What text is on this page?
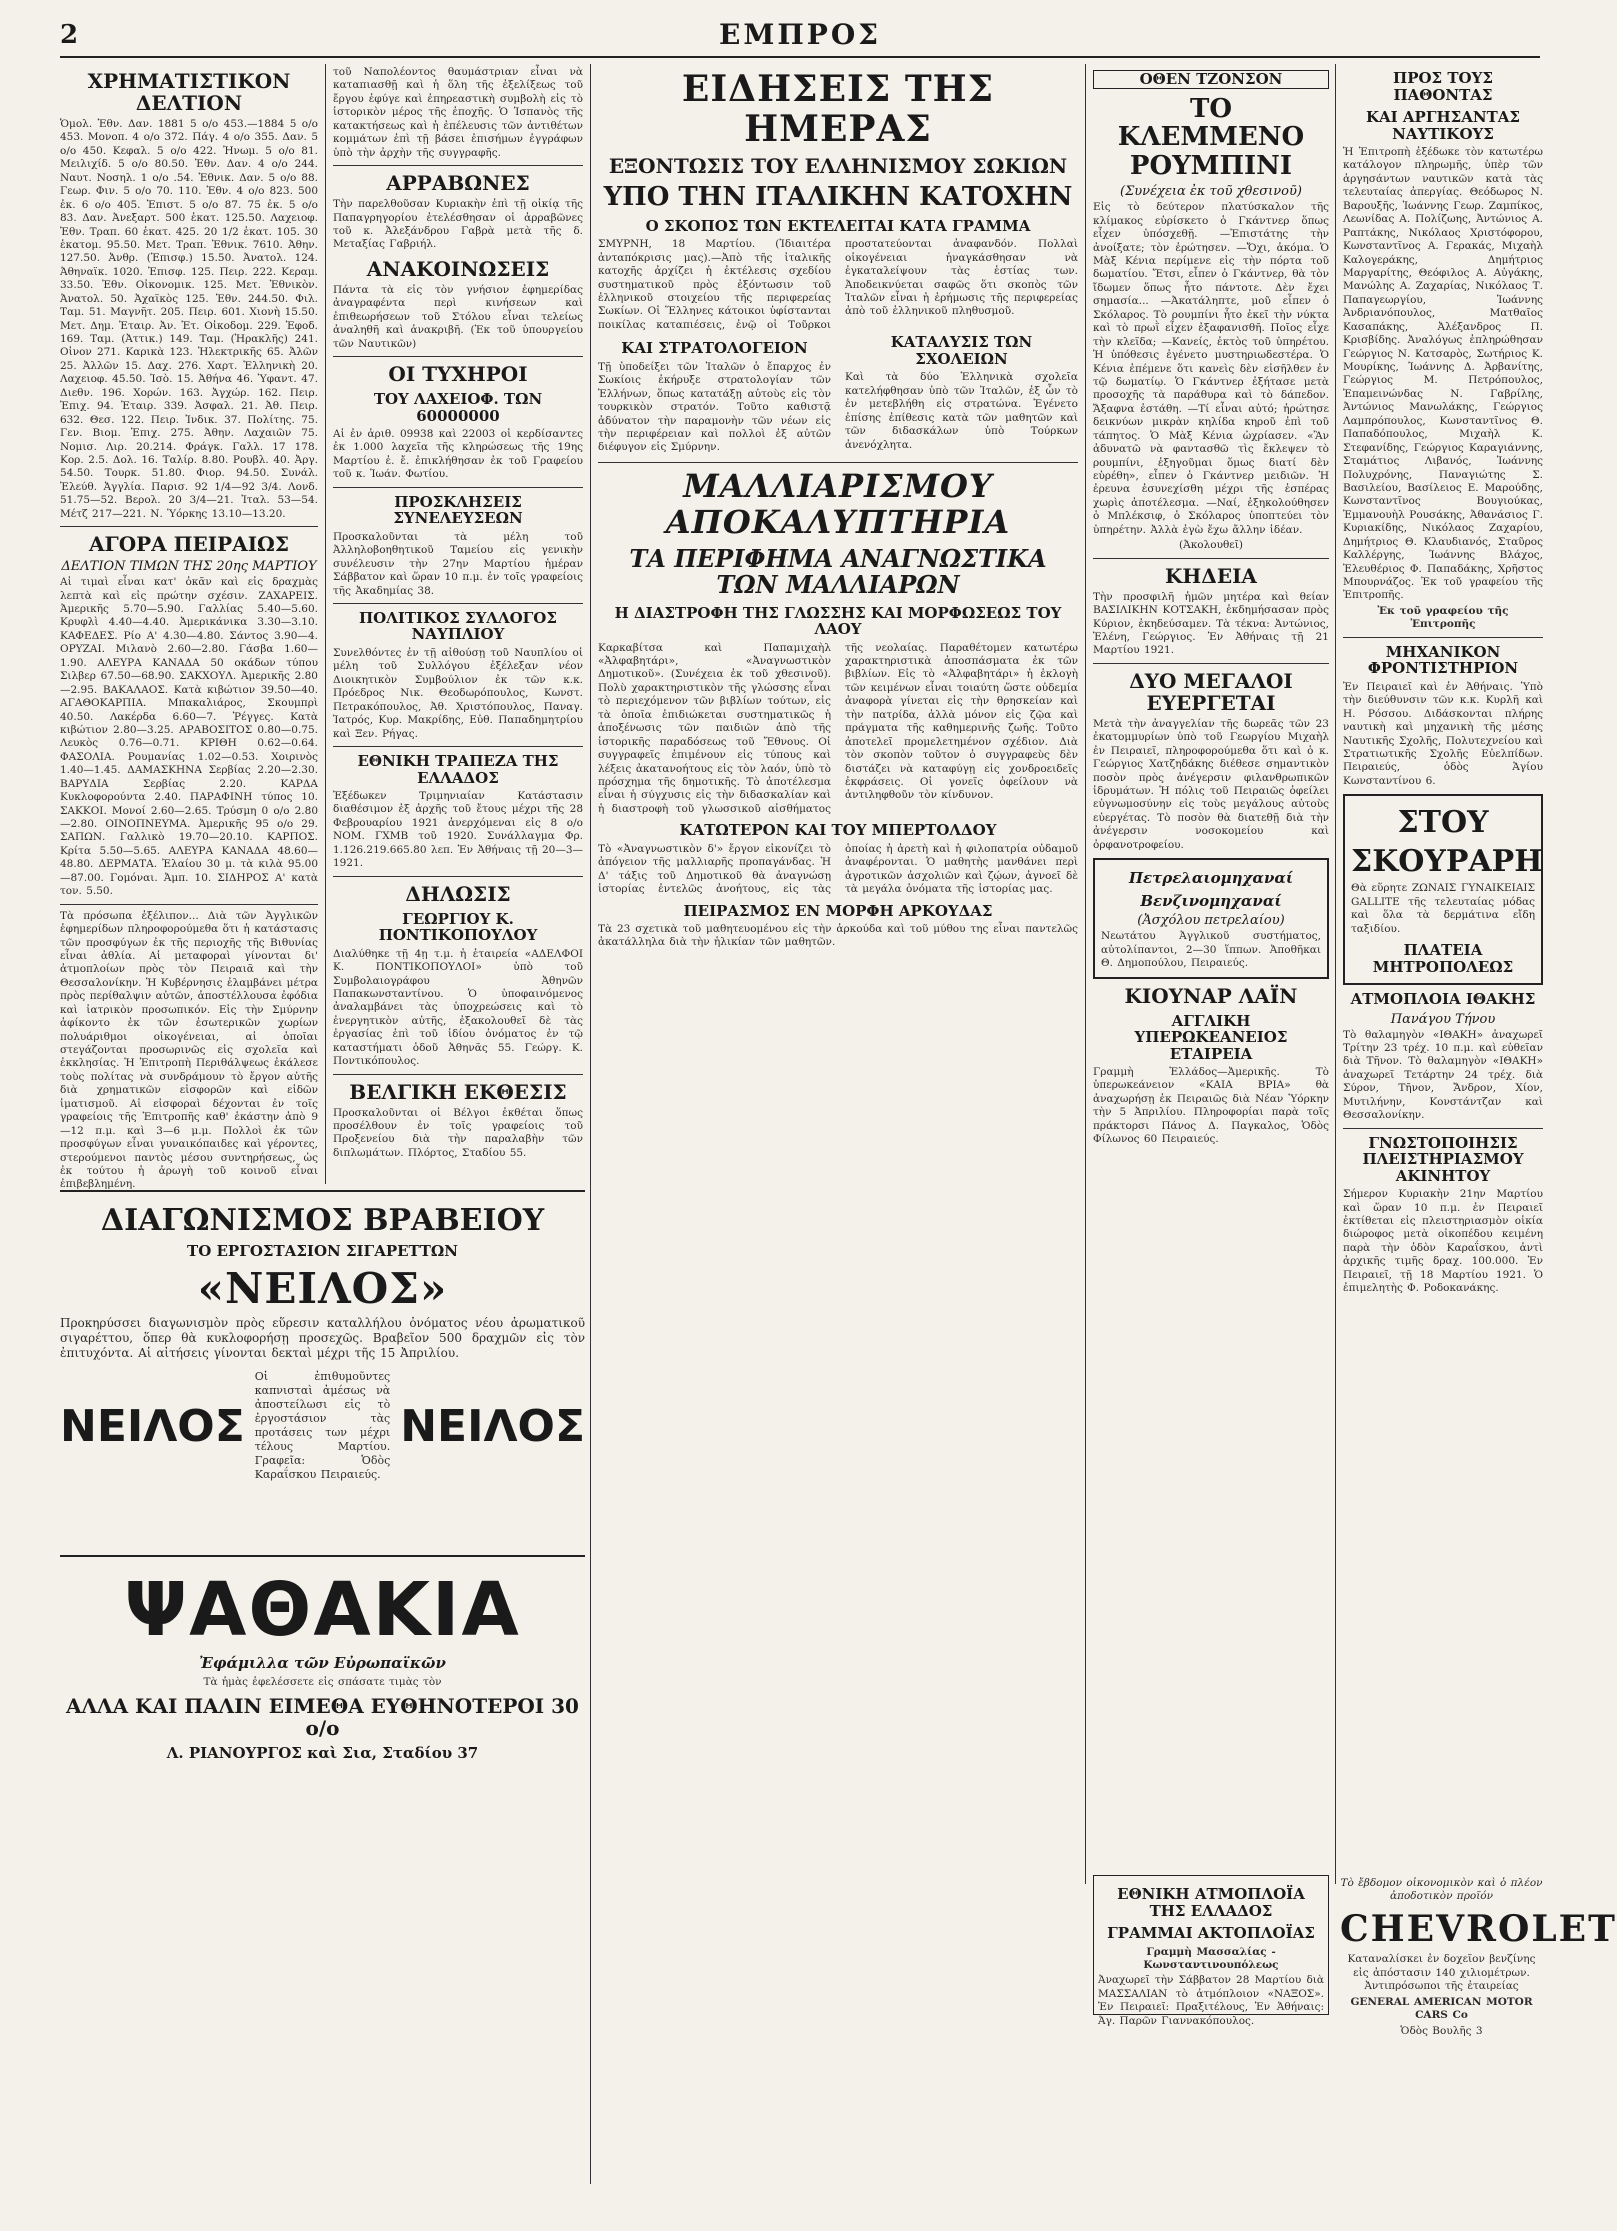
2	ΕΜΠΡΟΣ
ΧΡΗΜΑΤΙΣΤΙΚΟΝ ΔΕΛΤΙΟΝ
Ὁμολ. Ἐθν. Δαν. 1881 5 ο/ο 453.—1884 5 ο/ο 453. Μονοπ. 4 ο/ο 372. Πάγ. 4 ο/ο 355. Δαν. 5 ο/ο 450. Κεφαλ. 5 ο/ο 422. Ἠνωμ. 5 ο/ο 81. Μειλιχίδ. 5 ο/ο 80.50. Ἐθν. Δαν. 4 ο/ο 244. Ναυτ. Νοσηλ. 1 ο/ο .54. Ἐθνικ. Δαν. 5 ο/ο 88. Γεωρ. Φιν. 5 ο/ο 70. 110. Ἐθν. 4 ο/ο 823. 500 ἐκ. 6 ο/ο 405. Ἐπιστ. 5 ο/ο 87. 75 ἐκ. 5 ο/ο 83. Δαν. Ἀνεξαρτ. 500 ἑκατ. 125.50. Λαχειοφ. Ἐθν. Τραπ. 60 ἑκατ. 425. 20 1/2 ἑκατ. 105. 30 ἑκατομ. 95.50. Μετ. Τραπ. Ἐθνικ. 7610. Ἀθην. 127.50. Ἀνθρ. (Ἐπισφ.) 15.50. Ἀνατολ. 124. Ἀθηναϊκ. 1020. Ἐπισφ. 125. Πειρ. 222. Κεραμ. 33.50. Ἐθν. Οἰκονομικ. 125. Μετ. Ἐθνικὸν. Ἀνατολ. 50. Ἀχαϊκὸς 125. Ἐθν. 244.50. Φιλ. Ταμ. 51. Μαγνῆτ. 205. Πειρ. 601. Χιονὴ 15.50. Μετ. Δημ. Ἐταιρ. Ἀν. Ἐτ. Οἰκοδομ. 229. Ἐφοδ. 169. Ταμ. (Ἀττικ.) 149. Ταμ. (Ἡρακλῆς) 241. Οἰνον 271. Καρικὰ 123. Ἡλεκτρικῆς 65. Ἀλῶν 25. Ἀλλῶν 15. Δαχ. 276. Χαρτ. Ἑλληνικὴ 20. Λαχειοφ. 45.50. Ἰσὸ. 15. Ἀθήνα 46. Ὑφαντ. 47. Διεθν. 196. Χορών. 163. Ἀγχώρ. 162. Πειρ. Ἐπιχ. 94. Ἐταιρ. 339. Ἀσφαλ. 21. Ἀθ. Πειρ. 632. Θεσ. 122. Πειρ. Ἰνδικ. 37. Πολίτης. 75. Γεν. Βιομ. Ἐπιχ. 275. Ἀθην. Λαχαιῶν 75. Νομισ. Λιρ. 20.214. Φράγκ. Γαλλ. 17 178. Κορ. 2.5. Δολ. 16. Ταλίρ. 8.80. Ρουβλ. 40. Ἀργ. 54.50. Τουρκ. 51.80. Φιορ. 94.50. Συνάλ. Ἐλεύθ. Ἀγγλία. Παρισ. 92 1/4—92 3/4. Λονδ. 51.75—52. Βερολ. 20 3/4—21. Ἰταλ. 53—54. Μέτζ 217—221. Ν. Ὑόρκης 13.10—13.20.
ΑΓΟΡΑ ΠΕΙΡΑΙΩΣ
ΔΕΛΤΙΟΝ ΤΙΜΩΝ ΤΗΣ 20ης ΜΑΡΤΙΟΥ
Αἱ τιμαὶ εἶναι κατ' ὀκᾶν καὶ εἰς δραχμὰς λεπτὰ καὶ εἰς πρώτην σχέσιν. ΖΑΧΑΡΕΙΣ. Ἀμερικῆς 5.70—5.90. Γαλλίας 5.40—5.60. Κρυφλὶ 4.40—4.40. Ἀμερικάνικα 3.30—3.10. ΚΑΦΕΔΕΣ. Ρίο Α' 4.30—4.80. Σάντος 3.90—4. ΟΡΥΖΑΙ. Μιλανὸ 2.60—2.80. Γάσβα 1.60—1.90. ΑΛΕΥΡΑ ΚΑΝΑΔΑ 50 οκάδων τύπου Σιλβερ 67.50—68.90. ΣΑΚΧΟΥΛ. Ἀμερικῆς 2.80—2.95. ΒΑΚΑΛΑΟΣ. Κατὰ κιβώτιον 39.50—40. ΑΓΑΘΟΚΑΡΠΙΑ. Μπακαλιάρος, Σκουμπρὶ 40.50. Λακέρδα 6.60—7. Ῥέγγες. Κατὰ κιβώτιον 2.80—3.25. ΑΡΑΒΟΣΙΤΟΣ 0.80—0.75. Λευκὸς 0.76—0.71. ΚΡΙΘΗ 0.62—0.64. ΦΑΣΟΛΙΑ. Ρουμανίας 1.02—0.53. Χοιρινὸς 1.40—1.45. ΔΑΜΑΣΚΗΝΑ Σερβίας 2.20—2.30. ΒΑΡΥΔΙΑ Σερβίας 2.20. ΚΑΡΔΑ Κυκλοφορούντα 2.40. ΠΑΡΑΦΙΝΗ τύπος 10. ΣΑΚΚΟΙ. Μονοί 2.60—2.65. Τρύσμη 0 ο/ο 2.80—2.80. ΟΙΝΟΠΝΕΥΜΑ. Ἀμερικῆς 95 ο/ο 29. ΣΑΠΩΝ. Γαλλικὸ 19.70—20.10. ΚΑΡΠΟΣ. Κρίτα 5.50—5.65. ΑΛΕΥΡΑ ΚΑΝΑΔΑ 48.60—48.80. ΔΕΡΜΑΤΑ. Ἐλαίου 30 μ. τὰ κιλὰ 95.00—87.00. Γομόναι. Ἀμπ. 10. ΣΙΔΗΡΟΣ Α' κατὰ τον. 5.50.
Τὰ πρόσωπα ἐξέλιπον... Διὰ τῶν Ἀγγλικῶν ἐφημερίδων πληροφορούμεθα ὅτι ἡ κατάστασις τῶν προσφύγων ἐκ τῆς περιοχῆς τῆς Βιθυνίας εἶναι ἀθλία. Αἱ μεταφοραὶ γίνονται δι' ἀτμοπλοίων πρὸς τὸν Πειραιᾶ καὶ τὴν Θεσσαλονίκην. Ἡ Κυβέρνησις ἐλαμβάνει μέτρα πρὸς περίθαλψιν αὐτῶν, ἀποστέλλουσα ἐφόδια καὶ ἰατρικὸν προσωπικόν. Εἰς τὴν Σμύρνην ἀφίκοντο ἐκ τῶν ἐσωτερικῶν χωρίων πολυάριθμοι οἰκογένειαι, αἱ ὁποῖαι στεγάζονται προσωρινῶς εἰς σχολεῖα καὶ ἐκκλησίας. Ἡ Ἐπιτροπὴ Περιθάλψεως ἐκάλεσε τοὺς πολίτας νὰ συνδράμουν τὸ ἔργον αὐτῆς διὰ χρηματικῶν εἰσφορῶν καὶ εἰδῶν ἱματισμοῦ. Αἱ εἰσφοραὶ δέχονται ἐν τοῖς γραφείοις τῆς Ἐπιτροπῆς καθ' ἑκάστην ἀπὸ 9—12 π.μ. καὶ 3—6 μ.μ. Πολλοὶ ἐκ τῶν προσφύγων εἶναι γυναικόπαιδες καὶ γέροντες, στερούμενοι παντὸς μέσου συντηρήσεως, ὡς ἐκ τούτου ἡ ἀρωγὴ τοῦ κοινοῦ εἶναι ἐπιβεβλημένη.
τοῦ Ναπολέοντος θαυμάστριαν εἶναι νὰ καταπιασθῇ καὶ ἡ ὅλη τῆς ἐξελίξεως τοῦ ἔργου ἐφύγε καὶ ἐπηρεαστικὴ συμβολὴ εἰς τὸ ἱστορικὸν μέρος τῆς ἐποχῆς. Ὁ Ἰσπανὸς τῆς κατακτήσεως καὶ ἡ ἐπέλευσις τῶν ἀντιθέτων κομμάτων ἐπὶ τῇ βάσει ἐπισήμων ἐγγράφων ὑπὸ τὴν ἀρχὴν τῆς συγγραφῆς.
ΑΡΡΑΒΩΝΕΣ
Τὴν παρελθοῦσαν Κυριακὴν ἐπὶ τῇ οἰκίᾳ τῆς Παπαγρηγορίου ἐτελέσθησαν οἱ ἀρραβῶνες τοῦ κ. Ἀλεξάνδρου Γαβρὰ μετὰ τῆς δ. Μεταξίας Γαβριήλ.
ΑΝΑΚΟΙΝΩΣΕΙΣ
Πάντα τὰ εἰς τὸν γνήσιον ἐφημερίδας ἀναγραφέντα περὶ κινήσεων καὶ ἐπιθεωρήσεων τοῦ Στόλου εἶναι τελείως ἀναληθῆ καὶ ἀνακριβῆ. (Ἐκ τοῦ ὑπουργείου τῶν Ναυτικῶν)
ΟΙ ΤΥΧΗΡΟΙ
ΤΟΥ ΛΑΧΕΙΟΦ. ΤΩΝ 60000000
Αἱ ἐν ἀριθ. 09938 καὶ 22003 οἱ κερδίσαντες ἐκ 1.000 λαχεῖα τῆς κληρώσεως τῆς 19ης Μαρτίου ἐ. ἔ. ἐπικλήθησαν ἐκ τοῦ Γραφείου τοῦ κ. Ἰωάν. Φωτίου.
ΠΡΟΣΚΛΗΣΕΙΣ ΣΥΝΕΛΕΥΣΕΩΝ
Προσκαλοῦνται τὰ μέλη τοῦ Ἀλληλοβοηθητικοῦ Ταμείου εἰς γενικὴν συνέλευσιν τὴν 27ην Μαρτίου ἡμέραν Σάββατον καὶ ὥραν 10 π.μ. ἐν τοῖς γραφείοις τῆς Ἀκαδημίας 38.
ΠΟΛΙΤΙΚΟΣ ΣΥΛΛΟΓΟΣ ΝΑΥΠΛΙΟΥ
Συνελθόντες ἐν τῇ αἰθούσῃ τοῦ Ναυπλίου οἱ μέλη τοῦ Συλλόγου ἐξέλεξαν νέον Διοικητικὸν Συμβούλιον ἐκ τῶν κ.κ. Πρόεδρος Νικ. Θεοδωρόπουλος, Κωνστ. Πετρακόπουλος, Ἀθ. Χριστόπουλος, Παναγ. Ἰατρός, Κυρ. Μακρίδης, Εὐθ. Παπαδημητρίου καὶ Ξεν. Ρήγας.
ΕΘΝΙΚΗ ΤΡΑΠΕΖΑ ΤΗΣ ΕΛΛΑΔΟΣ
Ἐξέδωκεν Τριμηνιαίαν Κατάστασιν διαθέσιμον ἐξ ἀρχῆς τοῦ ἔτους μέχρι τῆς 28 Φεβρουαρίου 1921 ἀνερχόμεναι εἰς 8 ο/ο ΝΟΜ. ΓΧΜΒ τοῦ 1920. Συνάλλαγμα Φρ. 1.126.219.665.80 λεπ. Ἐν Ἀθήναις τῇ 20—3—1921.
ΔΗΛΩΣΙΣ
ΓΕΩΡΓΙΟΥ Κ. ΠΟΝΤΙΚΟΠΟΥΛΟΥ
Διαλύθηκε τῇ 4ῃ τ.μ. ἡ ἑταιρεία «ΑΔΕΛΦΟΙ Κ. ΠΟΝΤΙΚΟΠΟΥΛΟΙ» ὑπὸ τοῦ Συμβολαιογράφου Ἀθηνῶν Παπακωνσταντίνου. Ὁ ὑποφαινόμενος ἀναλαμβάνει τὰς ὑποχρεώσεις καὶ τὸ ἐνεργητικὸν αὐτῆς, ἐξακολουθεῖ δὲ τὰς ἐργασίας ἐπὶ τοῦ ἰδίου ὀνόματος ἐν τῷ καταστήματι ὁδοῦ Ἀθηνᾶς 55. Γεώργ. Κ. Ποντικόπουλος.
ΒΕΛΓΙΚΗ ΕΚΘΕΣΙΣ
Προσκαλοῦνται οἱ Βέλγοι ἐκθέται ὅπως προσέλθουν ἐν τοῖς γραφείοις τοῦ Προξενείου διὰ τὴν παραλαβὴν τῶν διπλωμάτων. Πλόρτος, Σταδίου 55.
ΕΙΔΗΣΕΙΣ ΤΗΣ ΗΜΕΡΑΣ
ΕΞΟΝΤΩΣΙΣ ΤΟΥ ΕΛΛΗΝΙΣΜΟΥ ΣΩΚΙΩΝ
ΥΠΟ ΤΗΝ ΙΤΑΛΙΚΗΝ ΚΑΤΟΧΗΝ
Ο ΣΚΟΠΟΣ ΤΩΝ ΕΚΤΕΛΕΙΤΑΙ ΚΑΤΑ ΓΡΑΜΜΑ
ΣΜΥΡΝΗ, 18 Μαρτίου. (Ἰδιαιτέρα ἀνταπόκρισις μας).—Ἀπὸ τῆς ἰταλικῆς κατοχῆς ἀρχίζει ἡ ἐκτέλεσις σχεδίου συστηματικοῦ πρὸς ἐξόντωσιν τοῦ ἑλληνικοῦ στοιχείου τῆς περιφερείας Σωκίων. Οἱ Ἕλληνες κάτοικοι ὑφίστανται ποικίλας καταπιέσεις, ἐνῷ οἱ Τοῦρκοι προστατεύονται ἀναφανδόν. Πολλαὶ οἰκογένειαι ἠναγκάσθησαν νὰ ἐγκαταλείψουν τὰς ἑστίας των. Ἀποδεικνύεται σαφῶς ὅτι σκοπὸς τῶν Ἰταλῶν εἶναι ἡ ἐρήμωσις τῆς περιφερείας ἀπὸ τοῦ ἑλληνικοῦ πληθυσμοῦ.
ΚΑΙ ΣΤΡΑΤΟΛΟΓΕΙΟΝ
Τῇ ὑποδείξει τῶν Ἰταλῶν ὁ ἔπαρχος ἐν Σωκίοις ἐκήρυξε στρατολογίαν τῶν Ἑλλήνων, ὅπως κατατάξῃ αὐτοὺς εἰς τὸν τουρκικὸν στρατόν. Τοῦτο καθιστᾷ ἀδύνατον τὴν παραμονὴν τῶν νέων εἰς τὴν περιφέρειαν καὶ πολλοὶ ἐξ αὐτῶν διέφυγον εἰς Σμύρνην.
ΚΑΤΑΛΥΣΙΣ ΤΩΝ ΣΧΟΛΕΙΩΝ
Καὶ τὰ δύο Ἑλληνικὰ σχολεῖα κατελήφθησαν ὑπὸ τῶν Ἰταλῶν, ἐξ ὧν τὸ ἐν μετεβλήθη εἰς στρατώνα. Ἐγένετο ἐπίσης ἐπίθεσις κατὰ τῶν μαθητῶν καὶ τῶν διδασκάλων ὑπὸ Τούρκων ἀνενόχλητα.
ΜΑΛΛΙΑΡΙΣΜΟΥ ΑΠΟΚΑΛΥΠΤΗΡΙΑ
ΤΑ ΠΕΡΙΦΗΜΑ ΑΝΑΓΝΩΣΤΙΚΑ ΤΩΝ ΜΑΛΛΙΑΡΩΝ
Η ΔΙΑΣΤΡΟΦΗ ΤΗΣ ΓΛΩΣΣΗΣ ΚΑΙ ΜΟΡΦΩΣΕΩΣ ΤΟΥ ΛΑΟΥ
Καρκαβίτσα καὶ Παπαμιχαὴλ «Ἀλφαβητάρι», «Ἀναγνωστικὸν Δημοτικοῦ». (Συνέχεια ἐκ τοῦ χθεσινοῦ). Πολὺ χαρακτηριστικὸν τῆς γλώσσης εἶναι τὸ περιεχόμενον τῶν βιβλίων τούτων, εἰς τὰ ὁποῖα ἐπιδιώκεται συστηματικῶς ἡ ἀποξένωσις τῶν παιδιῶν ἀπὸ τῆς ἱστορικῆς παραδόσεως τοῦ Ἔθνους. Οἱ συγγραφεῖς ἐπιμένουν εἰς τύπους καὶ λέξεις ἀκατανοήτους εἰς τὸν λαόν, ὑπὸ τὸ πρόσχημα τῆς δημοτικῆς. Τὸ ἀποτέλεσμα εἶναι ἡ σύγχυσις εἰς τὴν διδασκαλίαν καὶ ἡ διαστροφὴ τοῦ γλωσσικοῦ αἰσθήματος τῆς νεολαίας. Παραθέτομεν κατωτέρω χαρακτηριστικὰ ἀποσπάσματα ἐκ τῶν βιβλίων. Εἰς τὸ «Ἀλφαβητάρι» ἡ ἐκλογὴ τῶν κειμένων εἶναι τοιαύτη ὥστε οὐδεμία ἀναφορὰ γίνεται εἰς τὴν θρησκείαν καὶ τὴν πατρίδα, ἀλλὰ μόνον εἰς ζῷα καὶ πράγματα τῆς καθημερινῆς ζωῆς. Τοῦτο ἀποτελεῖ προμελετημένον σχέδιον. Διὰ τὸν σκοπὸν τοῦτον ὁ συγγραφεὺς δὲν διστάζει νὰ καταφύγῃ εἰς χονδροειδεῖς ἐκφράσεις. Οἱ γονεῖς ὀφείλουν νὰ ἀντιληφθοῦν τὸν κίνδυνον.
ΚΑΤΩΤΕΡΟΝ ΚΑΙ ΤΟΥ ΜΠΕΡΤΟΛΔΟΥ
Τὸ «Ἀναγνωστικὸν δ'» ἔργον εἰκονίζει τὸ ἀπόγειον τῆς μαλλιαρῆς προπαγάνδας. Ἡ Δ' τάξις τοῦ Δημοτικοῦ θὰ ἀναγνώσῃ ἱστορίας ἐντελῶς ἀνοήτους, εἰς τὰς ὁποίας ἡ ἀρετὴ καὶ ἡ φιλοπατρία οὐδαμοῦ ἀναφέρονται. Ὁ μαθητὴς μανθάνει περὶ ἀγροτικῶν ἀσχολιῶν καὶ ζῴων, ἀγνοεῖ δὲ τὰ μεγάλα ὀνόματα τῆς ἱστορίας μας.
ΠΕΙΡΑΣΜΟΣ ΕΝ ΜΟΡΦΗ ΑΡΚΟΥΔΑΣ
Τὰ 23 σχετικὰ τοῦ μαθητευομένου εἰς τὴν ἀρκούδα καὶ τοῦ μύθου της εἶναι παντελῶς ἀκατάλληλα διὰ τὴν ἡλικίαν τῶν μαθητῶν.
ΟΘΕΝ ΤΖΟΝΣΟΝ
ΤΟ ΚΛΕΜΜΕΝΟ ΡΟΥΜΠΙΝΙ
(Συνέχεια ἐκ τοῦ χθεσινοῦ)
Εἰς τὸ δεύτερον πλατύσκαλον τῆς κλίμακος εὑρίσκετο ὁ Γκάντνερ ὅπως εἶχεν ὑπόσχεθῇ. —Ἐπιστάτης τὴν ἀνοίξατε; τὸν ἐρώτησεν. —Ὄχι, ἀκόμα. Ὁ Μὰξ Κένια περίμενε εἰς τὴν πόρτα τοῦ δωματίου. Ἔτσι, εἶπεν ὁ Γκάντνερ, θὰ τὸν ἴδωμεν ὅπως ἦτο πάντοτε. Δὲν ἔχει σημασία... —Ἀκατάληπτε, μοῦ εἶπεν ὁ Σκόλαρος. Τὸ ρουμπίνι ἦτο ἐκεῖ τὴν νύκτα καὶ τὸ πρωῒ εἶχεν ἐξαφανισθῆ. Ποῖος εἶχε τὴν κλεῖδα; —Κανείς, ἐκτὸς τοῦ ὑπηρέτου. Ἡ ὑπόθεσις ἐγένετο μυστηριωδεστέρα. Ὁ Κένια ἐπέμενε ὅτι κανεὶς δὲν εἰσῆλθεν ἐν τῷ δωματίῳ. Ὁ Γκάντνερ ἐξήτασε μετὰ προσοχῆς τὰ παράθυρα καὶ τὸ δάπεδον. Ἄξαφνα ἐστάθη. —Τί εἶναι αὐτό; ἠρώτησε δεικνύων μικρὰν κηλίδα κηροῦ ἐπὶ τοῦ τάπητος. Ὁ Μὰξ Κένια ὠχρίασεν. «Ἂν ἀδυνατῶ νὰ φαντασθῶ τὶς ἔκλεψεν τὸ ρουμπίνι, ἐξηγοῦμαι ὅμως διατί δὲν εὑρέθη», εἶπεν ὁ Γκάντνερ μειδιῶν. Ἡ ἐρευνα ἐσυνεχίσθη μέχρι τῆς ἑσπέρας χωρὶς ἀποτέλεσμα. —Ναί, ἐξηκολούθησεν ὁ Μπλέκσιφ, ὁ Σκόλαρος ὑποπτεύει τὸν ὑπηρέτην. Ἀλλὰ ἐγὼ ἔχω ἄλλην ἰδέαν.
(Ἀκολουθεῖ)
ΚΗΔΕΙΑ
Τὴν προσφιλῆ ἡμῶν μητέρα καὶ θείαν ΒΑΣΙΛΙΚΗΝ ΚΟΤΣΑΚΗ, ἐκδημήσασαν πρὸς Κύριον, ἐκηδεύσαμεν. Τὰ τέκνα: Ἀντώνιος, Ἑλένη, Γεώργιος. Ἐν Ἀθήναις τῇ 21 Μαρτίου 1921.
ΔΥΟ ΜΕΓΑΛΟΙ ΕΥΕΡΓΕΤΑΙ
Μετὰ τὴν ἀναγγελίαν τῆς δωρεᾶς τῶν 23 ἐκατομμυρίων ὑπὸ τοῦ Γεωργίου Μιχαὴλ ἐν Πειραιεῖ, πληροφορούμεθα ὅτι καὶ ὁ κ. Γεώργιος Χατζηδάκης διέθεσε σημαντικὸν ποσὸν πρὸς ἀνέγερσιν φιλανθρωπικῶν ἱδρυμάτων. Ἡ πόλις τοῦ Πειραιῶς ὀφείλει εὐγνωμοσύνην εἰς τοὺς μεγάλους αὐτοὺς εὐεργέτας. Τὸ ποσὸν θὰ διατεθῇ διὰ τὴν ἀνέγερσιν νοσοκομείου καὶ ὀρφανοτροφείου.
Πετρελαιομηχαναί
Βενζινομηχαναί
(Ἀσχόλου πετρελαίου)
Νεωτάτου Ἀγγλικοῦ συστήματος, αὐτολίπαντοι, 2—30 ἵππων. Ἀποθῆκαι Θ. Δημοπούλου, Πειραιεύς.
ΚΙΟΥΝΑΡ ΛΑΪΝ
ΑΓΓΛΙΚΗ ΥΠΕΡΩΚΕΑΝΕΙΟΣ ΕΤΑΙΡΕΙΑ
Γραμμὴ Ἑλλάδος—Ἀμερικῆς. Τὸ ὑπερωκεάνειον «ΚΑΙΑ ΒΡΙΑ» θὰ ἀναχωρήσῃ ἐκ Πειραιῶς διὰ Νέαν Ὑόρκην τὴν 5 Ἀπριλίου. Πληροφορίαι παρὰ τοῖς πράκτορσι Πάνος Δ. Παγκαλος, Ὁδὸς Φίλωνος 60 Πειραιεύς.
ΠΡΟΣ ΤΟΥΣ ΠΑΘΟΝΤΑΣ
ΚΑΙ ΑΡΓΗΣΑΝΤΑΣ ΝΑΥΤΙΚΟΥΣ
Ἡ Ἐπιτροπὴ ἐξέδωκε τὸν κατωτέρω κατάλογον πληρωμῆς, ὑπὲρ τῶν ἀργησάντων ναυτικῶν κατὰ τὰς τελευταίας ἀπεργίας. Θεόδωρος Ν. Βαρουξῆς, Ἰωάννης Γεωρ. Ζαμπίκος, Λεωνίδας Α. Πολίζωης, Ἀντώνιος Α. Ραπτάκης, Νικόλαος Χριστόφορου, Κωνσταντῖνος Α. Γερακάς, Μιχαὴλ Καλογεράκης, Δημήτριος Μαργαρίτης, Θεόφιλος Α. Αὐγάκης, Μανώλης Α. Ζαχαρίας, Νικόλαος Τ. Παπαγεωργίου, Ἰωάννης Ἀνδριανόπουλος, Ματθαῖος Κασαπάκης, Ἀλέξανδρος Π. Κρισβίδης. Ἀναλόγως ἐπληρώθησαν Γεώργιος Ν. Κατσαρὸς, Σωτήριος Κ. Μουρίκης, Ἰωάννης Δ. Ἀρβανίτης, Γεώργιος Μ. Πετρόπουλος, Ἐπαμεινώνδας Ν. Γαβρίλης, Ἀντώνιος Μανωλάκης, Γεώργιος Λαμπρόπουλος, Κωνσταντῖνος Θ. Παπαδόπουλος, Μιχαὴλ Κ. Στεφανίδης, Γεώργιος Καραγιάννης, Σταμάτιος Λιβανός, Ἰωάννης Πολυχρόνης, Παναγιώτης Σ. Βασιλείου, Βασίλειος Ε. Μαρούδης, Κωνσταντῖνος Βουγιούκας, Ἐμμανουὴλ Ρουσάκης, Ἀθανάσιος Γ. Κυριακίδης, Νικόλαος Ζαχαρίου, Δημήτριος Θ. Κλαυδιανός, Σταῦρος Καλλέργης, Ἰωάννης Βλάχος, Ἐλευθέριος Φ. Παπαδάκης, Χρῆστος Μπουρνάζος. Ἐκ τοῦ γραφείου τῆς Ἐπιτροπῆς.
Ἐκ τοῦ γραφείου τῆς Ἐπιτροπῆς
ΜΗΧΑΝΙΚΟΝ ΦΡΟΝΤΙΣΤΗΡΙΟΝ
Ἐν Πειραιεῖ καὶ ἐν Ἀθήναις. Ὑπὸ τὴν διεύθυνσιν τῶν κ.κ. Κυρλῆ καὶ Η. Ρόσσου. Διδάσκονται πλήρης ναυτικὴ καὶ μηχανικὴ τῆς μέσης Ναυτικῆς Σχολῆς, Πολυτεχνείου καὶ Στρατιωτικῆς Σχολῆς Εὐελπίδων. Πειραιεύς, ὁδὸς Ἁγίου Κωνσταντίνου 6.
ΣΤΟΥ
ΣΚΟΥΡΑΡΗ
Θὰ εὕρητε ΖΩΝΑΙΣ ΓΥΝΑΙΚΕΙΑΙΣ GALLITE τῆς τελευταίας μόδας καὶ ὅλα τὰ δερμάτινα εἴδη ταξιδίου.
ΠΛΑΤΕΙΑ ΜΗΤΡΟΠΟΛΕΩΣ
ΑΤΜΟΠΛΟΙΑ ΙΘΑΚΗΣ
Πανάγου Τήνου
Τὸ θαλαμηγὸν «ΙΘΑΚΗ» ἀναχωρεῖ Τρίτην 23 τρέχ. 10 π.μ. καὶ εὐθεῖαν διὰ Τῆνον. Τὸ θαλαμηγὸν «ΙΘΑΚΗ» ἀναχωρεῖ Τετάρτην 24 τρέχ. διὰ Σύρον, Τῆνον, Ἄνδρον, Χίον, Μυτιλήνην, Κονστάντζαν καὶ Θεσσαλονίκην.
ΓΝΩΣΤΟΠΟΙΗΣΙΣ ΠΛΕΙΣΤΗΡΙΑΣΜΟΥ ΑΚΙΝΗΤΟΥ
Σήμερον Κυριακὴν 21ην Μαρτίου καὶ ὥραν 10 π.μ. ἐν Πειραιεῖ ἐκτίθεται εἰς πλειστηριασμὸν οἰκία διώροφος μετὰ οἰκοπέδου κειμένη παρὰ τὴν ὁδὸν Καραΐσκου, ἀντὶ ἀρχικῆς τιμῆς δραχ. 100.000. Ἐν Πειραιεῖ, τῇ 18 Μαρτίου 1921. Ὁ ἐπιμελητὴς Φ. Ροδοκανάκης.
ΔΙΑΓΩΝΙΣΜΟΣ ΒΡΑΒΕΙΟΥ
ΤΟ ΕΡΓΟΣΤΑΣΙΟΝ ΣΙΓΑΡΕΤΤΩΝ
«ΝΕΙΛΟΣ»
Προκηρύσσει διαγωνισμὸν πρὸς εὕρεσιν καταλλήλου ὀνόματος νέου ἀρωματικοῦ σιγαρέττου, ὅπερ θὰ κυκλοφορήσῃ προσεχῶς. Βραβεῖον 500 δραχμῶν εἰς τὸν ἐπιτυχόντα. Αἱ αἰτήσεις γίνονται δεκταὶ μέχρι τῆς 15 Ἀπριλίου.
ΝΕΙΛΟΣ
Οἱ ἐπιθυμοῦντες καπνισταὶ ἀμέσως νὰ ἀποστείλωσι εἰς τὸ ἐργοστάσιον τὰς προτάσεις των μέχρι τέλους Μαρτίου. Γραφεῖα: Ὁδὸς Καραΐσκου Πειραιεύς.
ΝΕΙΛΟΣ
ΨΑΘΑΚΙΑ
Ἐφάμιλλα τῶν Εὐρωπαϊκῶν
Τὰ ἠμὰς ἐφελέσσετε εἰς σπάσατε τιμὰς τὸν
ΑΛΛΑ ΚΑΙ ΠΑΛΙΝ ΕΙΜΕΘΑ ΕΥΘΗΝΟΤΕΡΟΙ 30 ο/ο
Λ. ΡΙΑΝΟΥΡΓΟΣ καὶ Σια, Σταδίου 37
ΕΘΝΙΚΗ ΑΤΜΟΠΛΟΪΑ ΤΗΣ ΕΛΛΑΔΟΣ
ΓΡΑΜΜΑΙ ΑΚΤΟΠΛΟΪΑΣ
Γραμμὴ Μασσαλίας - Κωνσταντινουπόλεως
Ἀναχωρεῖ τὴν Σάββατον 28 Μαρτίου διὰ ΜΑΣΣΑΛΙΑΝ τὸ ἀτμόπλοιον «ΝΑΞΟΣ». Ἐν Πειραιεῖ: Πραξιτέλους, Ἐν Ἀθήναις: Ἀγ. Παρῶν Γιαννακόπουλος.
Τὸ ἔβδομον οἰκονομικὸν καὶ ὁ πλέον ἀποδοτικὸν προϊόν
CHEVROLET
Καταναλίσκει ἐν δοχεῖον βενζίνης εἰς ἀπόστασιν 140 χιλιομέτρων. Ἀντιπρόσωποι τῆς ἐταιρείας
GENERAL AMERICAN MOTOR CARS Co
Ὁδὸς Βουλῆς 3
